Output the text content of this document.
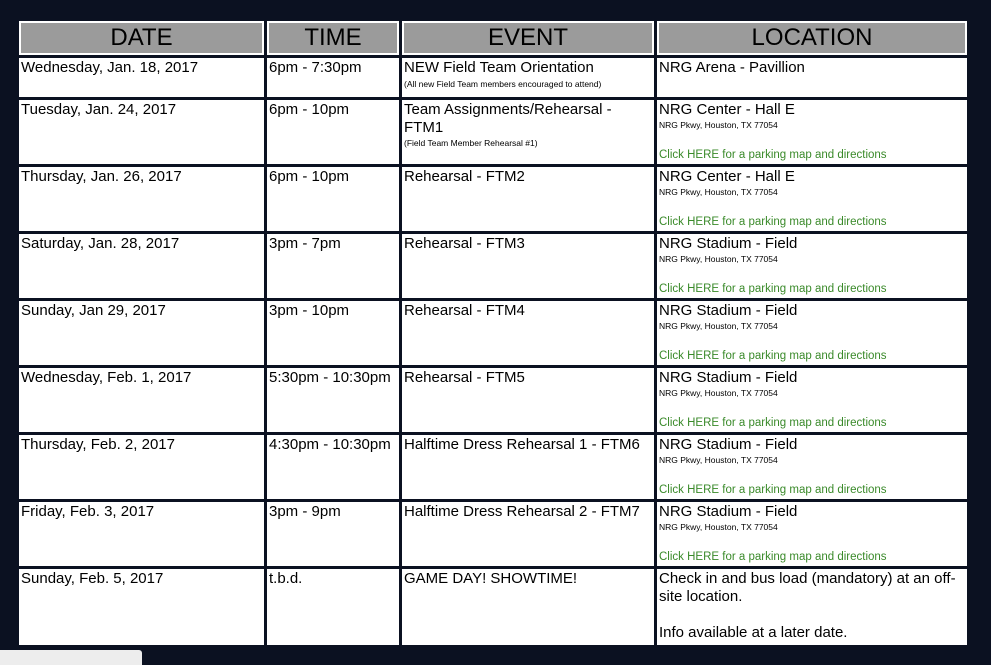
DATE	TIME	EVENT	LOCATION

Wednesday, Jan. 18, 2017	6pm - 7:30pm	NEW Field Team Orientation
(All new Field Team members encouraged to attend)	NRG Arena - Pavillion

Tuesday, Jan. 24, 2017	6pm - 10pm	Team Assignments/Rehearsal - FTM1
(Field Team Member Rehearsal #1)	NRG Center - Hall E
NRG Pkwy, Houston, TX 77054
Click HERE for a parking map and directions

Thursday, Jan. 26, 2017	6pm - 10pm	Rehearsal - FTM2	NRG Center - Hall E
NRG Pkwy, Houston, TX 77054
Click HERE for a parking map and directions

Saturday, Jan. 28, 2017	3pm - 7pm	Rehearsal - FTM3	NRG Stadium - Field
NRG Pkwy, Houston, TX 77054
Click HERE for a parking map and directions

Sunday, Jan 29, 2017	3pm - 10pm	Rehearsal - FTM4	NRG Stadium - Field
NRG Pkwy, Houston, TX 77054
Click HERE for a parking map and directions

Wednesday, Feb. 1, 2017	5:30pm - 10:30pm	Rehearsal - FTM5	NRG Stadium - Field
NRG Pkwy, Houston, TX 77054
Click HERE for a parking map and directions

Thursday, Feb. 2, 2017	4:30pm - 10:30pm	Halftime Dress Rehearsal 1 - FTM6	NRG Stadium - Field
NRG Pkwy, Houston, TX 77054
Click HERE for a parking map and directions

Friday, Feb. 3, 2017	3pm - 9pm	Halftime Dress Rehearsal 2 - FTM7	NRG Stadium - Field
NRG Pkwy, Houston, TX 77054
Click HERE for a parking map and directions

Sunday, Feb. 5, 2017	t.b.d.	GAME DAY! SHOWTIME!	Check in and bus load (mandatory) at an off-site location.
Info available at a later date.
